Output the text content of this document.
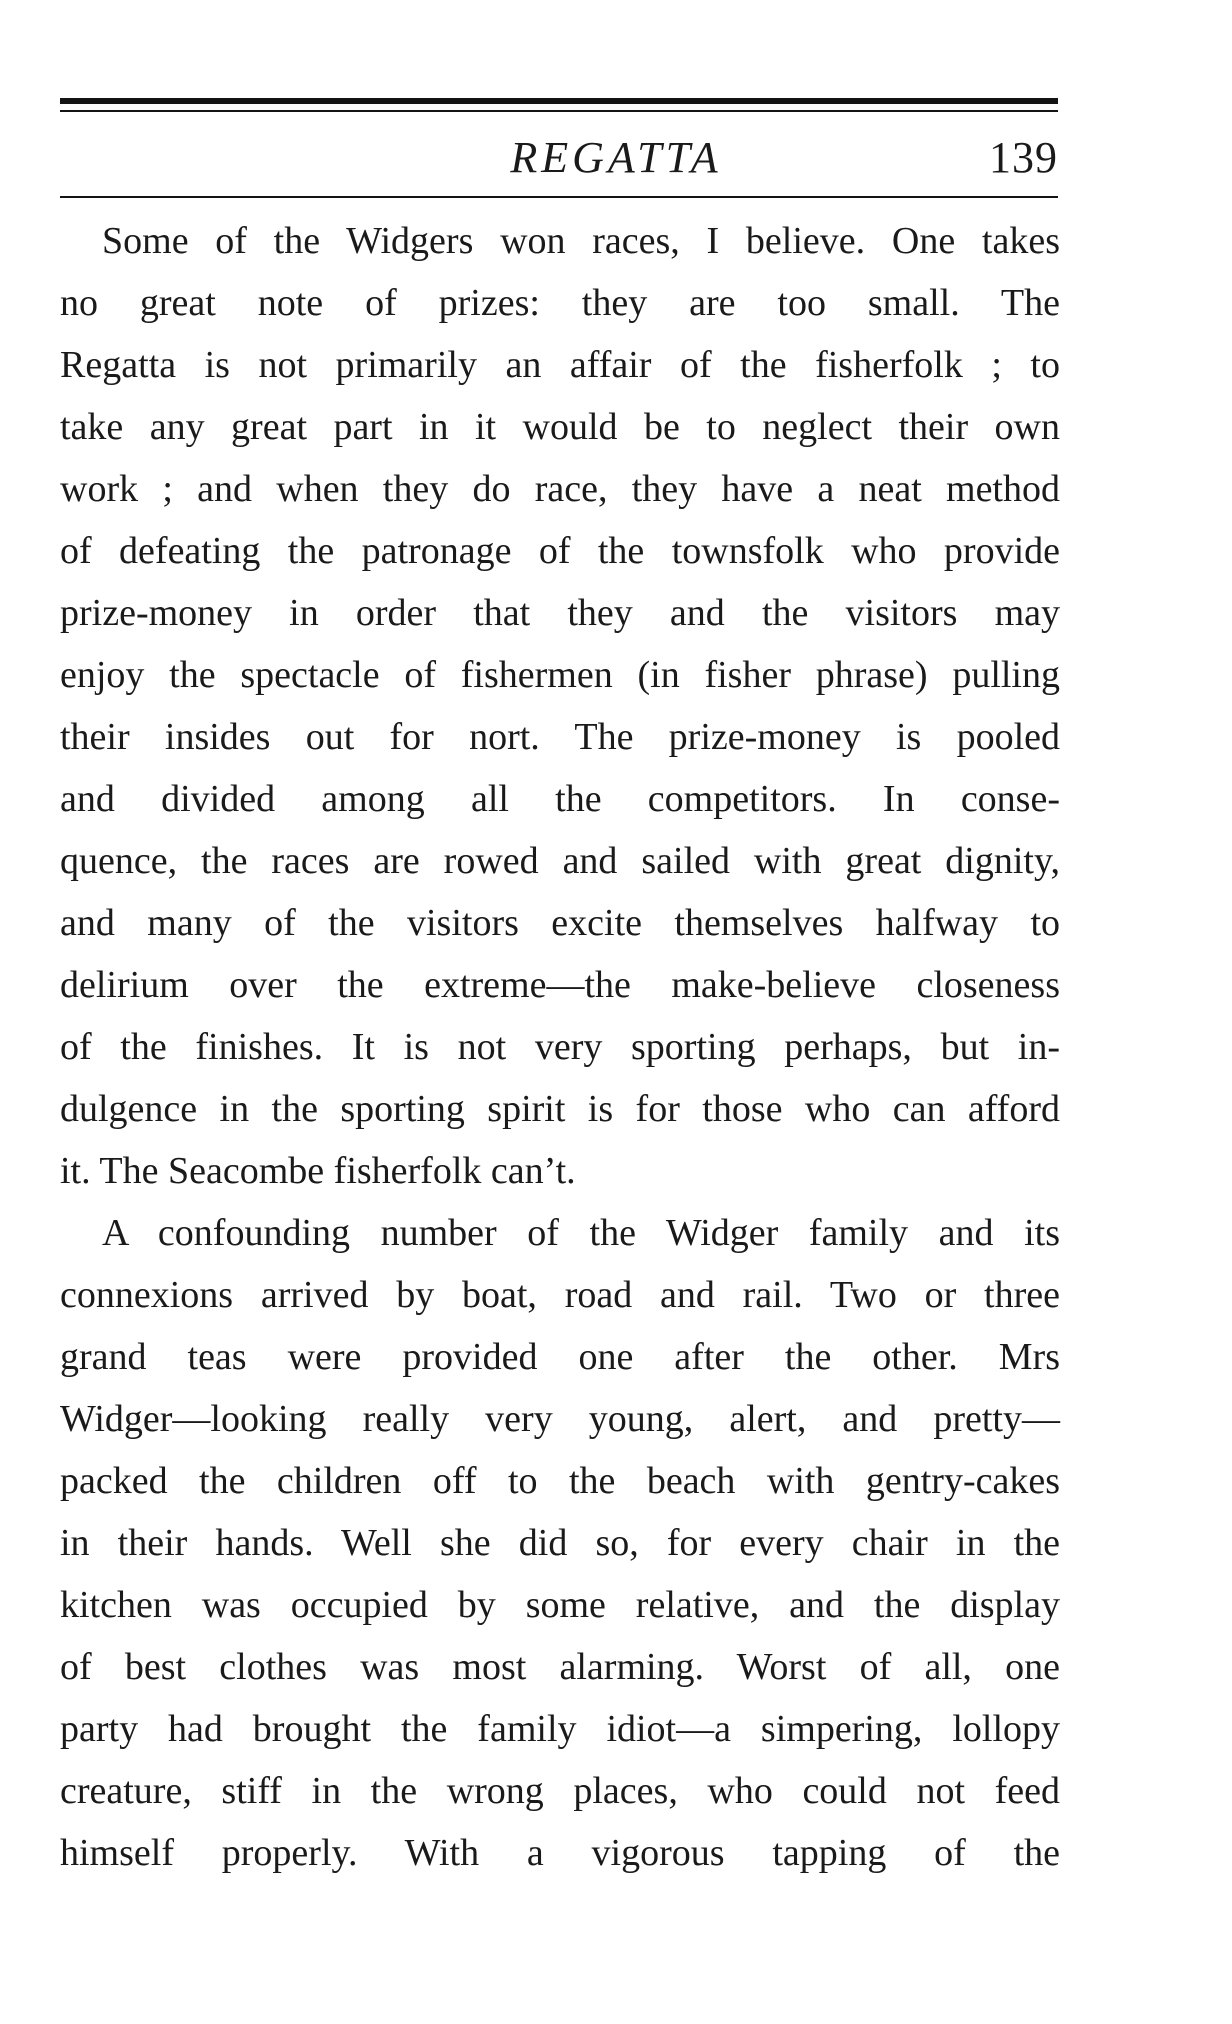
REGATTA	139
Some of the Widgers won races, I believe. One takes
no great note of prizes: they are too small. The
Regatta is not primarily an affair of the fisherfolk ; to
take any great part in it would be to neglect their own
work ; and when they do race, they have a neat method
of defeating the patronage of the townsfolk who provide
prize-money in order that they and the visitors may
enjoy the spectacle of fishermen (in fisher phrase) pulling
their insides out for nort. The prize-money is pooled
and divided among all the competitors. In conse-
quence, the races are rowed and sailed with great dignity,
and many of the visitors excite themselves halfway to
delirium over the extreme—the make-believe closeness
of the finishes. It is not very sporting perhaps, but in-
dulgence in the sporting spirit is for those who can afford
it. The Seacombe fisherfolk can’t.
A confounding number of the Widger family and its
connexions arrived by boat, road and rail. Two or three
grand teas were provided one after the other. Mrs
Widger—looking really very young, alert, and pretty—
packed the children off to the beach with gentry-cakes
in their hands. Well she did so, for every chair in the
kitchen was occupied by some relative, and the display
of best clothes was most alarming. Worst of all, one
party had brought the family idiot—a simpering, lollopy
creature, stiff in the wrong places, who could not feed
himself properly. With a vigorous tapping of the
